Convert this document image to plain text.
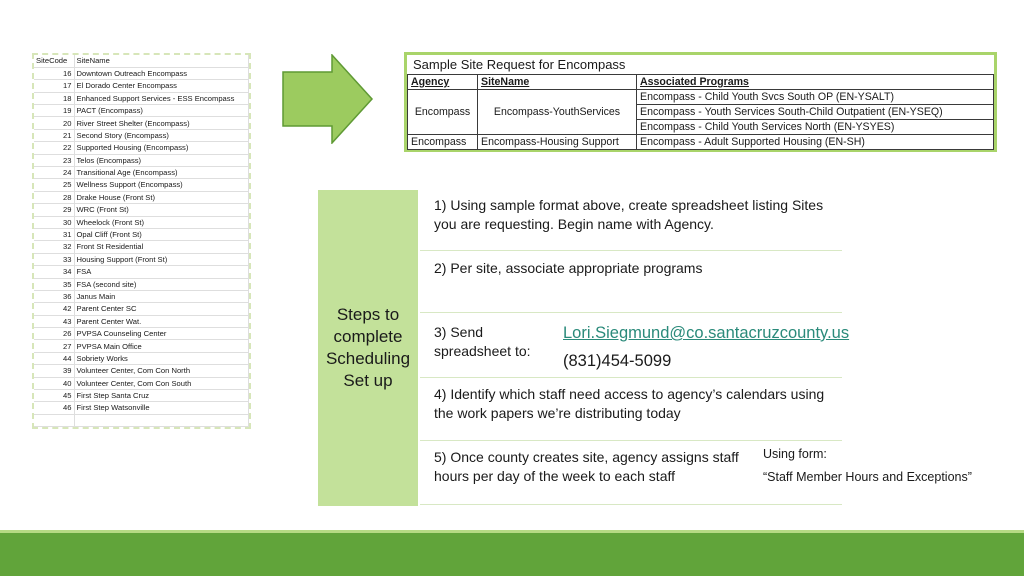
SiteCode	SiteName
16	Downtown Outreach Encompass
17	El Dorado Center Encompass
18	Enhanced Support Services - ESS Encompass
19	PACT (Encompass)
20	River Street Shelter (Encompass)
21	Second Story (Encompass)
22	Supported Housing (Encompass)
23	Telos (Encompass)
24	Transitional Age (Encompass)
25	Wellness Support (Encompass)
28	Drake House (Front St)
29	WRC (Front St)
30	Wheelock (Front St)
31	Opal Cliff (Front St)
32	Front St Residential
33	Housing Support (Front St)
34	FSA
35	FSA (second site)
36	Janus Main
42	Parent Center SC
43	Parent Center Wat.
26	PVPSA Counseling Center
27	PVPSA Main Office
44	Sobriety Works
39	Volunteer Center, Com Con North
40	Volunteer Center, Com Con South
45	First Step Santa Cruz
46	First Step Watsonville

Sample Site Request for Encompass
Agency	SiteName	Associated Programs
Encompass	Encompass-YouthServices	Encompass - Child Youth Svcs South OP (EN-YSALT)
		Encompass - Youth Services South-Child Outpatient (EN-YSEQ)
		Encompass - Child Youth Services North (EN-YSYES)
Encompass	Encompass-Housing Support	Encompass - Adult Supported Housing (EN-SH)
Steps to complete Scheduling Set up
1) Using sample format above, create spreadsheet listing Sites you are requesting. Begin name with Agency.
2) Per site, associate appropriate programs
3) Send spreadsheet to:
Lori.Siegmund@co.santacruzcounty.us
(831)454-5099
4) Identify which staff need access to agency’s calendars using the work papers we’re distributing today
5) Once county creates site, agency assigns staff hours per day of the week to each staff
Using form:
“Staff Member Hours and Exceptions”
